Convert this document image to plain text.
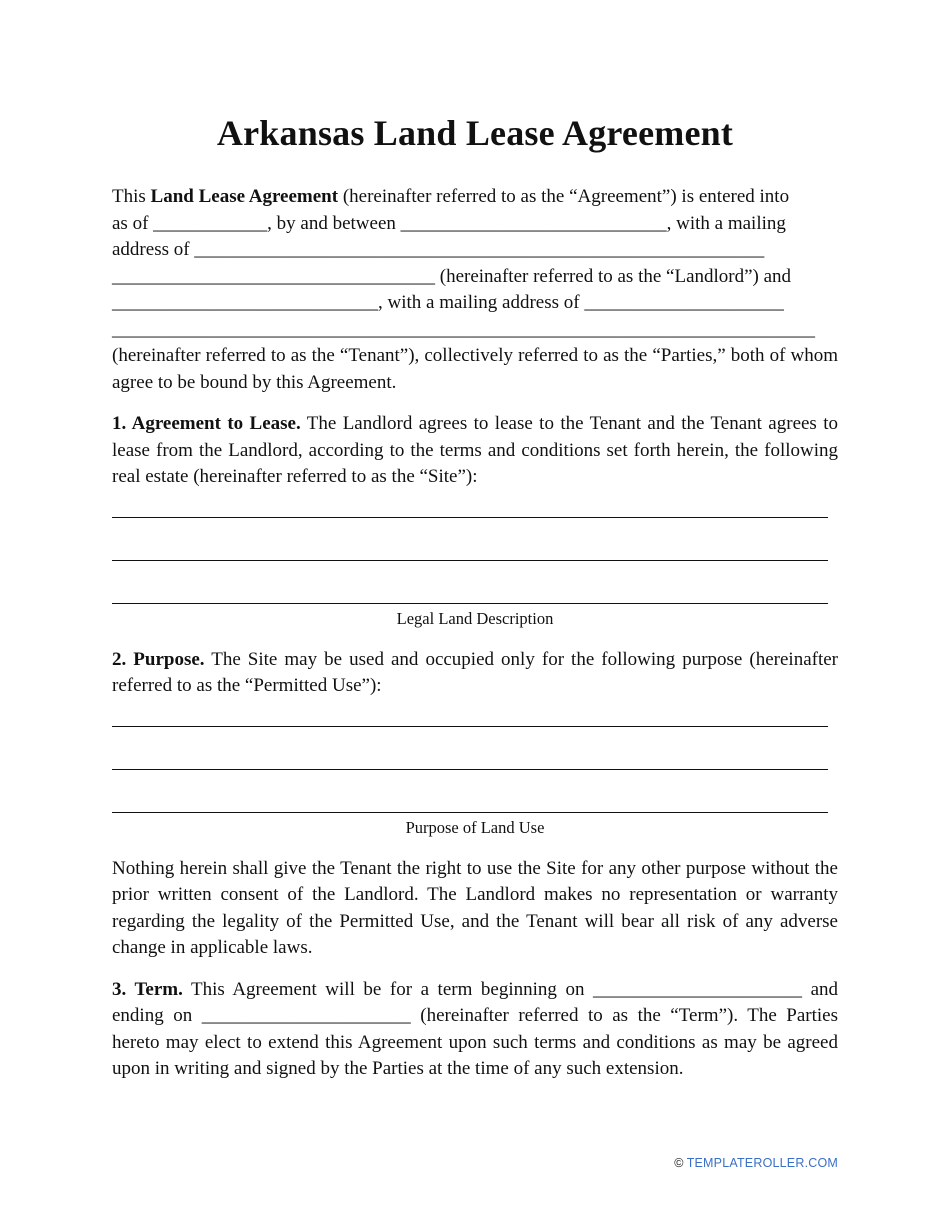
Arkansas Land Lease Agreement

This Land Lease Agreement (hereinafter referred to as the “Agreement”) is entered into

as of ____________, by and between ____________________________, with a mailing
address of ____________________________________________________________
__________________________________ (hereinafter referred to as the “Landlord”) and
____________________________, with a mailing address of _____________________
__________________________________________________________________________

(hereinafter referred to as the “Tenant”), collectively referred to as the “Parties,” both of whom agree to be bound by this Agreement.

1. Agreement to Lease. The Landlord agrees to lease to the Tenant and the Tenant agrees to lease from the Landlord, according to the terms and conditions set forth herein, the following real estate (hereinafter referred to as the “Site”):

Legal Land Description

2. Purpose. The Site may be used and occupied only for the following purpose (hereinafter referred to as the “Permitted Use”):

Purpose of Land Use

Nothing herein shall give the Tenant the right to use the Site for any other purpose without the prior written consent of the Landlord. The Landlord makes no representation or warranty regarding the legality of the Permitted Use, and the Tenant will bear all risk of any adverse change in applicable laws.

3. Term. This Agreement will be for a term beginning on ______________________ and ending on ______________________ (hereinafter referred to as the “Term”). The Parties hereto may elect to extend this Agreement upon such terms and conditions as may be agreed upon in writing and signed by the Parties at the time of any such extension.

© TEMPLATEROLLER.COM
